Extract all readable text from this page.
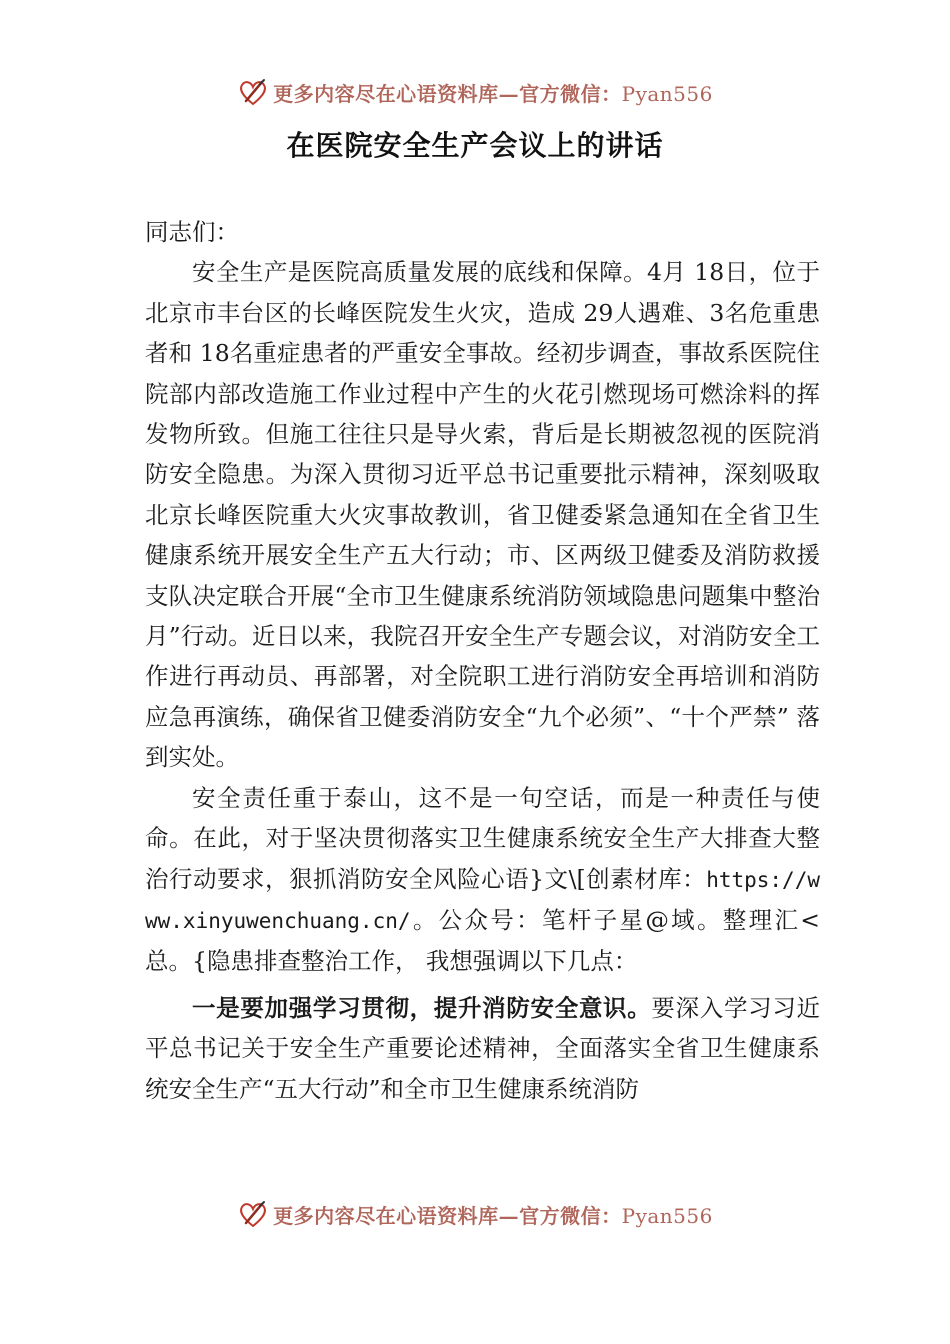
更多内容尽在心语资料库—官方微信：Pyan556
在医院安全生产会议上的讲话

同志们：

安全生产是医院高质量发展的底线和保障。4月 18日，位于北京市丰台区的长峰医院发生火灾，造成 29人遇难、3名危重患者和 18名重症患者的严重安全事故。经初步调查，事故系医院住院部内部改造施工作业过程中产生的火花引燃现场可燃涂料的挥发物所致。但施工往往只是导火索，背后是长期被忽视的医院消防安全隐患。为深入贯彻习近平总书记重要批示精神，深刻吸取北京长峰医院重大火灾事故教训，省卫健委紧急通知在全省卫生健康系统开展安全生产五大行动；市、区两级卫健委及消防救援支队决定联合开展“全市卫生健康系统消防领域隐患问题集中整治月”行动。近日以来，我院召开安全生产专题会议，对消防安全工作进行再动员、再部署，对全院职工进行消防安全再培训和消防应急再演练，确保省卫健委消防安全“九个必须”、“十个严禁” 落到实处。

安全责任重于泰山，这不是一句空话，而是一种责任与使命。在此，对于坚决贯彻落实卫生健康系统安全生产大排查大整治行动要求，狠抓消防安全风险心语}文\[创素材库：https://www.xinyuwenchuang.cn/。公众号：笔杆子星@域。整理汇<总。{隐患排查整治工作， 我想强调以下几点：

一是要加强学习贯彻，提升消防安全意识。要深入学习习近平总书记关于安全生产重要论述精神，全面落实全省卫生健康系统安全生产“五大行动”和全市卫生健康系统消防

更多内容尽在心语资料库—官方微信：Pyan556
